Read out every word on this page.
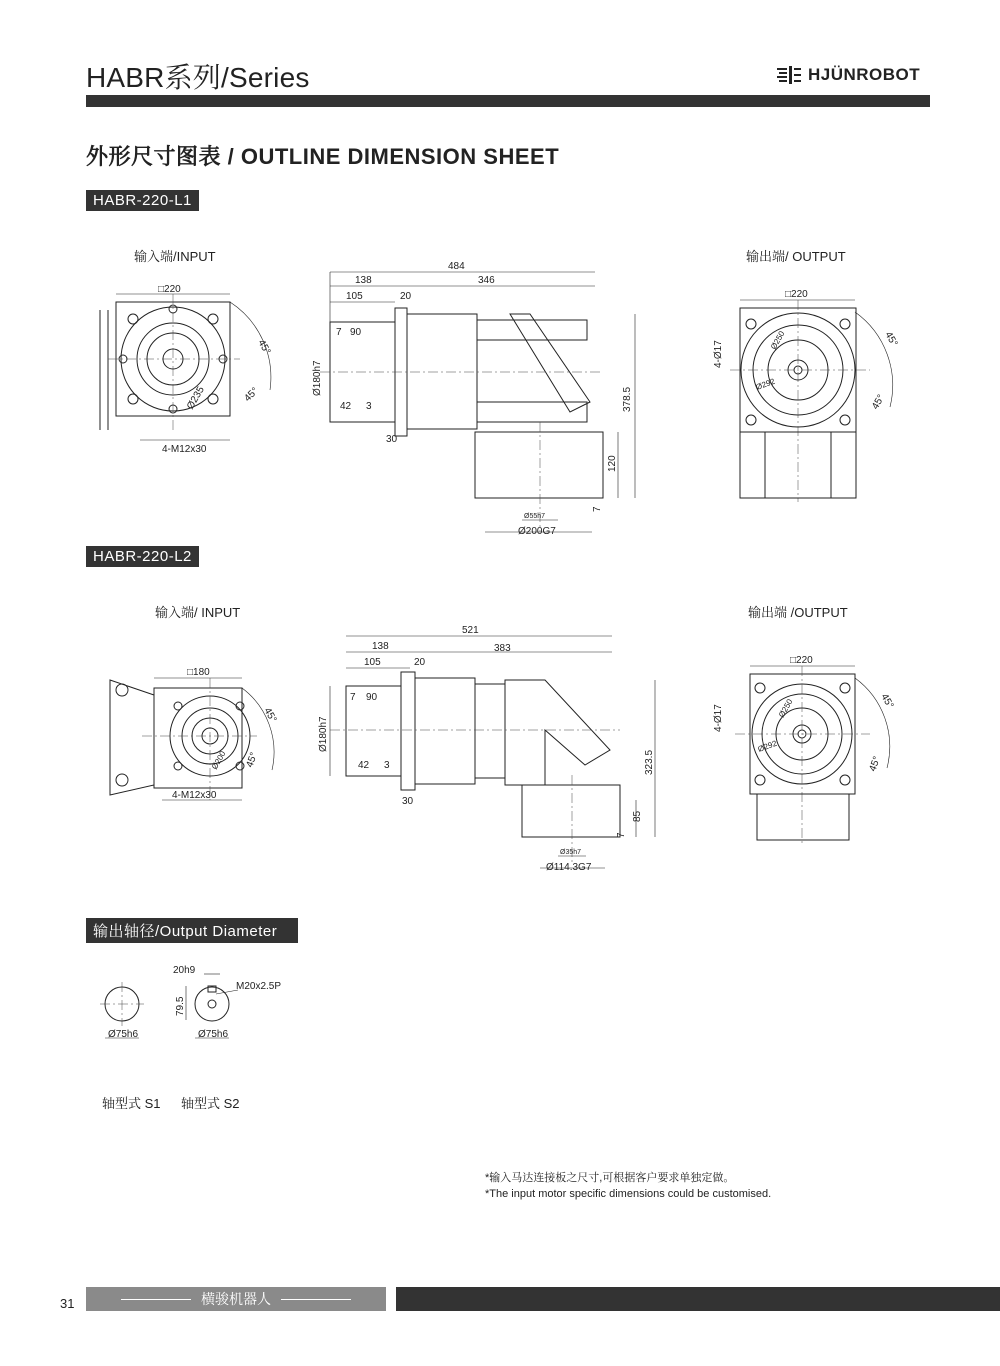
HABR系列/Series	HJÜNROBOT
外形尺寸图表 / OUTLINE DIMENSION SHEET
HABR-220-L1
输入端/INPUT	输出端/ OUTPUT
□220
45°
45°
Ø235
4-M12x30
484
138	346
105	20
Ø180h7
7 90
42 3
30
378.5
120
7
Ø55h7
Ø200G7
□220
45°
45°
4-Ø17	Ø250
Ø292
HABR-220-L2
输入端/ INPUT	输出端 /OUTPUT
□180
45°
45°
Ø200
4-M12x30
521
138	383
105	20
Ø180h7
7 90
42 3
30
323.5
85
7
Ø35h7
Ø114.3G7
□220
45°
45°
4-Ø17	Ø250
Ø292
输出轴径/Output Diameter
Ø75h6
20h9
79.5
M20x2.5P
Ø75h6
轴型式 S1 轴型式 S2
*输入马达连接板之尺寸,可根据客户要求单独定做。
*The input motor specific dimensions could be customised.
31	横骏机器人
